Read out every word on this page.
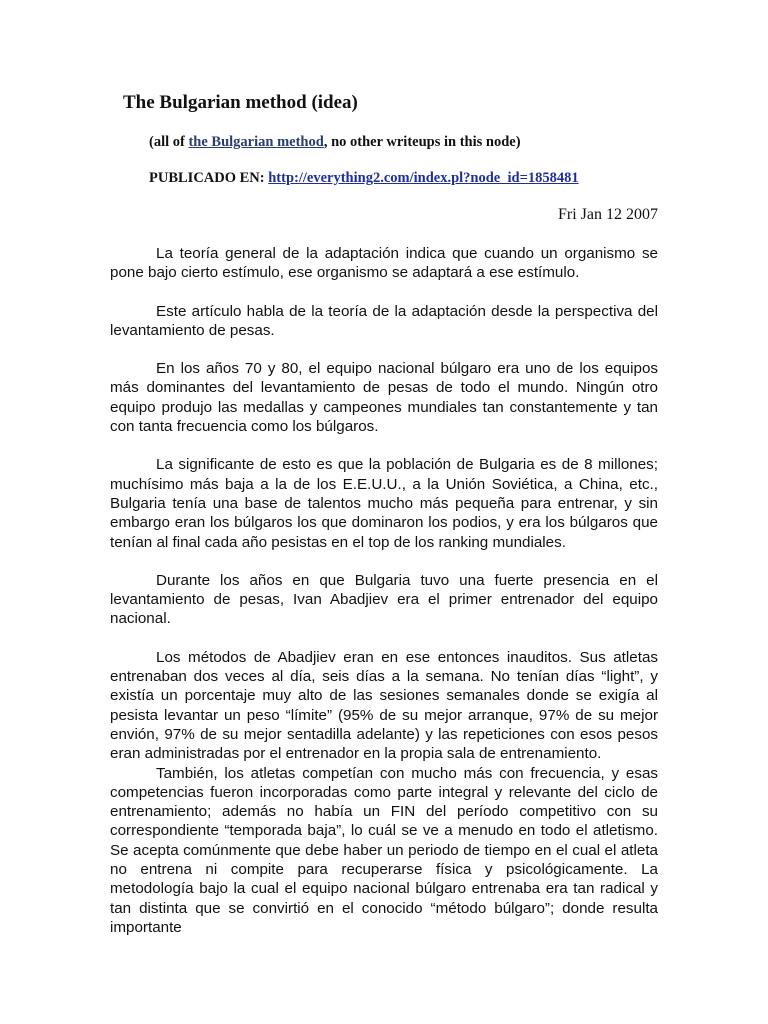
The Bulgarian method (idea)
(all of the Bulgarian method, no other writeups in this node)
PUBLICADO EN: http://everything2.com/index.pl?node_id=1858481
Fri Jan 12 2007

La teoría general de la adaptación indica que cuando un organismo se pone bajo cierto estímulo, ese organismo se adaptará a ese estímulo.

Este artículo habla de la teoría de la adaptación desde la perspectiva del levantamiento de pesas.

En los años 70 y 80, el equipo nacional búlgaro era uno de los equipos más dominantes del levantamiento de pesas de todo el mundo. Ningún otro equipo produjo las medallas y campeones mundiales tan constantemente y tan con tanta frecuencia como los búlgaros.

La significante de esto es que la población de Bulgaria es de 8 millones; muchísimo más baja a la de los E.E.U.U., a la Unión Soviética, a China, etc., Bulgaria tenía una base de talentos mucho más pequeña para entrenar, y sin embargo eran los búlgaros los que dominaron los podios, y era los búlgaros que tenían al final cada año pesistas en el top de los ranking mundiales.

Durante los años en que Bulgaria tuvo una fuerte presencia en el levantamiento de pesas, Ivan Abadjiev era el primer entrenador del equipo nacional.

Los métodos de Abadjiev eran en ese entonces inauditos. Sus atletas entrenaban dos veces al día, seis días a la semana. No tenían días “light”, y existía un porcentaje muy alto de las sesiones semanales donde se exigía al pesista levantar un peso “límite” (95% de su mejor arranque, 97% de su mejor envión, 97% de su mejor sentadilla adelante) y las repeticiones con esos pesos eran administradas por el entrenador en la propia sala de entrenamiento.

También, los atletas competían con mucho más con frecuencia, y esas competencias fueron incorporadas como parte integral y relevante del ciclo de entrenamiento; además no había un FIN del período competitivo con su correspondiente “temporada baja”, lo cuál se ve a menudo en todo el atletismo. Se acepta comúnmente que debe haber un periodo de tiempo en el cual el atleta no entrena ni compite para recuperarse física y psicológicamente. La metodología bajo la cual el equipo nacional búlgaro entrenaba era tan radical y tan distinta que se convirtió en el conocido “método búlgaro”; donde resulta importante
